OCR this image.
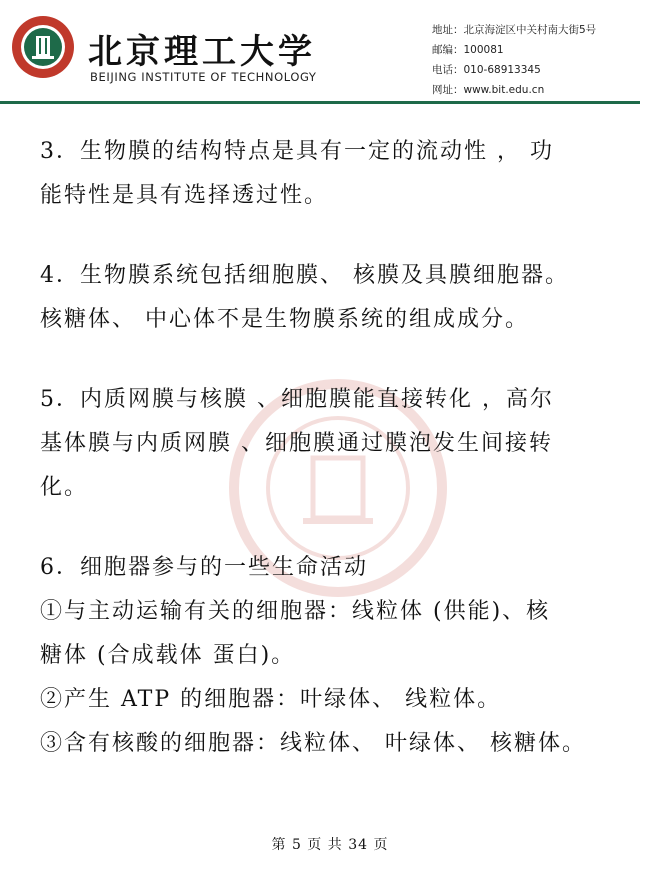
北京理工大学
BEIJING INSTITUTE OF TECHNOLOGY
地址：北京海淀区中关村南大街5号
邮编：100081
电话：010-68913345
网址：www.bit.edu.cn

3．生物膜的结构特点是具有一定的流动性 ， 功

能特性是具有选择透过性。

4．生物膜系统包括细胞膜、 核膜及具膜细胞器。

核糖体、 中心体不是生物膜系统的组成成分。

5．内质网膜与核膜 、细胞膜能直接转化 ，高尔

基体膜与内质网膜 、细胞膜通过膜泡发生间接转

化。

6．细胞器参与的一些生命活动

①与主动运输有关的细胞器：线粒体 (供能)、核

糖体 (合成载体 蛋白)。

②产生 ATP 的细胞器：叶绿体、 线粒体。

③含有核酸的细胞器：线粒体、 叶绿体、 核糖体。

第 5 页 共 34 页
